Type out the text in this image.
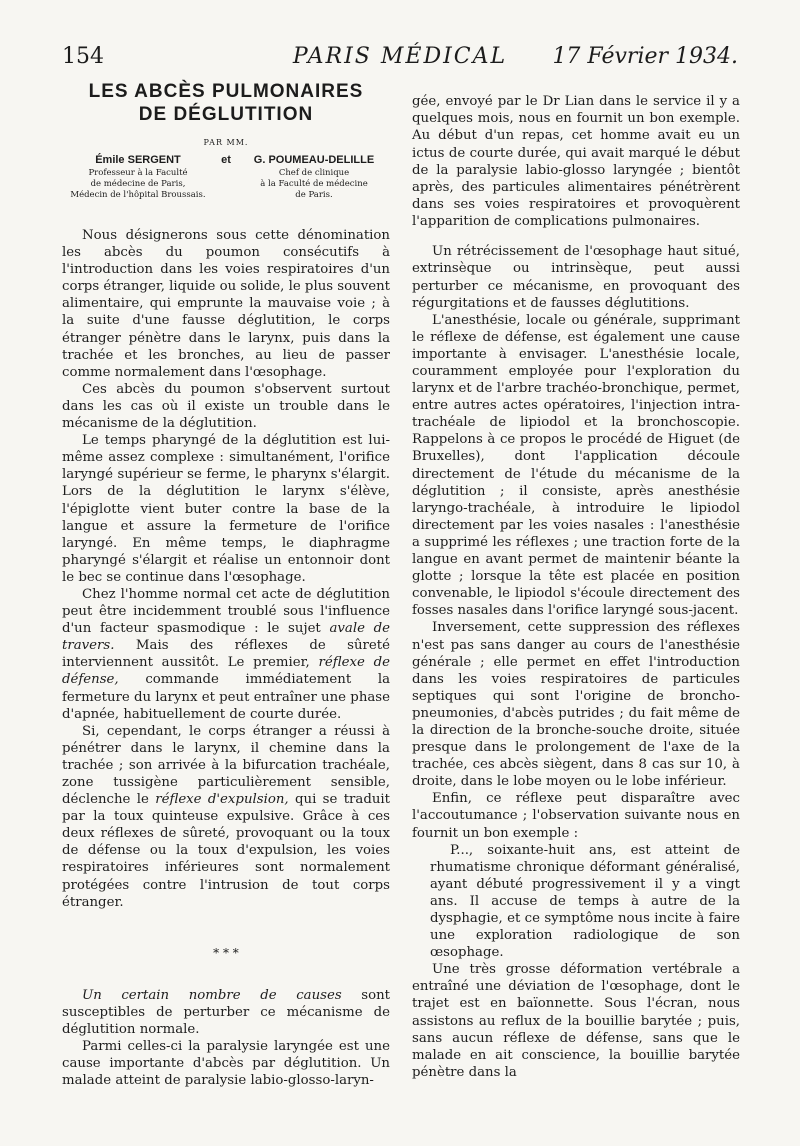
154	PARIS MÉDICAL	17 Février 1934.
LES ABCÈS PULMONAIRES
DE DÉGLUTITION
PAR MM.
Émile SERGENT
Professeur à la Faculté
de médecine de Paris,
Médecin de l'hôpital Broussais.
et	G. POUMEAU-DELILLE
Chef de clinique
à la Faculté de médecine
de Paris.

Nous désignerons sous cette dénomination les abcès du poumon consécutifs à l'introduction dans les voies respiratoires d'un corps étranger, liquide ou solide, le plus souvent alimentaire, qui emprunte la mauvaise voie ; à la suite d'une fausse déglutition, le corps étranger pénètre dans le larynx, puis dans la trachée et les bronches, au lieu de passer comme normalement dans l'œsophage.

Ces abcès du poumon s'observent surtout dans les cas où il existe un trouble dans le mécanisme de la déglutition.

Le temps pharyngé de la déglutition est lui-même assez complexe : simultanément, l'orifice laryngé supérieur se ferme, le pharynx s'élargit. Lors de la déglutition le larynx s'élève, l'épiglotte vient buter contre la base de la langue et assure la fermeture de l'orifice laryngé. En même temps, le diaphragme pharyngé s'élargit et réalise un entonnoir dont le bec se continue dans l'œsophage.

Chez l'homme normal cet acte de déglutition peut être incidemment troublé sous l'influence d'un facteur spasmodique : le sujet avale de travers. Mais des réflexes de sûreté interviennent aussitôt. Le premier, réflexe de défense, commande immédiatement la fermeture du larynx et peut entraîner une phase d'apnée, habituellement de courte durée.

Si, cependant, le corps étranger a réussi à pénétrer dans le larynx, il chemine dans la trachée ; son arrivée à la bifurcation trachéale, zone tussigène particulièrement sensible, déclenche le réflexe d'expulsion, qui se traduit par la toux quinteuse expulsive. Grâce à ces deux réflexes de sûreté, provoquant ou la toux de défense ou la toux d'expulsion, les voies respiratoires inférieures sont normalement protégées contre l'intrusion de tout corps étranger.

* * *

Un certain nombre de causes sont susceptibles de perturber ce mécanisme de déglutition normale.

Parmi celles-ci la paralysie laryngée est une cause importante d'abcès par déglutition. Un malade atteint de paralysie labio-glosso-laryn-

gée, envoyé par le Dr Lian dans le service il y a quelques mois, nous en fournit un bon exemple. Au début d'un repas, cet homme avait eu un ictus de courte durée, qui avait marqué le début de la paralysie labio-glosso laryngée ; bientôt après, des particules alimentaires pénétrèrent dans ses voies respiratoires et provoquèrent l'apparition de complications pulmonaires.

Un rétrécissement de l'œsophage haut situé, extrinsèque ou intrinsèque, peut aussi perturber ce mécanisme, en provoquant des régurgitations et de fausses déglutitions.

L'anesthésie, locale ou générale, supprimant le réflexe de défense, est également une cause importante à envisager. L'anesthésie locale, couramment employée pour l'exploration du larynx et de l'arbre trachéo-bronchique, permet, entre autres actes opératoires, l'injection intra-trachéale de lipiodol et la bronchoscopie. Rappelons à ce propos le procédé de Higuet (de Bruxelles), dont l'application découle directement de l'étude du mécanisme de la déglutition ; il consiste, après anesthésie laryngo-trachéale, à introduire le lipiodol directement par les voies nasales : l'anesthésie a supprimé les réflexes ; une traction forte de la langue en avant permet de maintenir béante la glotte ; lorsque la tête est placée en position convenable, le lipiodol s'écoule directement des fosses nasales dans l'orifice laryngé sous-jacent.

Inversement, cette suppression des réflexes n'est pas sans danger au cours de l'anesthésie générale ; elle permet en effet l'introduction dans les voies respiratoires de particules septiques qui sont l'origine de broncho-pneumonies, d'abcès putrides ; du fait même de la direction de la bronche-souche droite, située presque dans le prolongement de l'axe de la trachée, ces abcès siègent, dans 8 cas sur 10, à droite, dans le lobe moyen ou le lobe inférieur.

Enfin, ce réflexe peut disparaître avec l'accoutumance ; l'observation suivante nous en fournit un bon exemple :

P..., soixante-huit ans, est atteint de rhumatisme chronique déformant généralisé, ayant débuté progressivement il y a vingt ans. Il accuse de temps à autre de la dysphagie, et ce symptôme nous incite à faire une exploration radiologique de son œsophage.

Une très grosse déformation vertébrale a entraîné une déviation de l'œsophage, dont le trajet est en baïonnette. Sous l'écran, nous assistons au reflux de la bouillie barytée ; puis, sans aucun réflexe de défense, sans que le malade en ait conscience, la bouillie barytée pénètre dans la
